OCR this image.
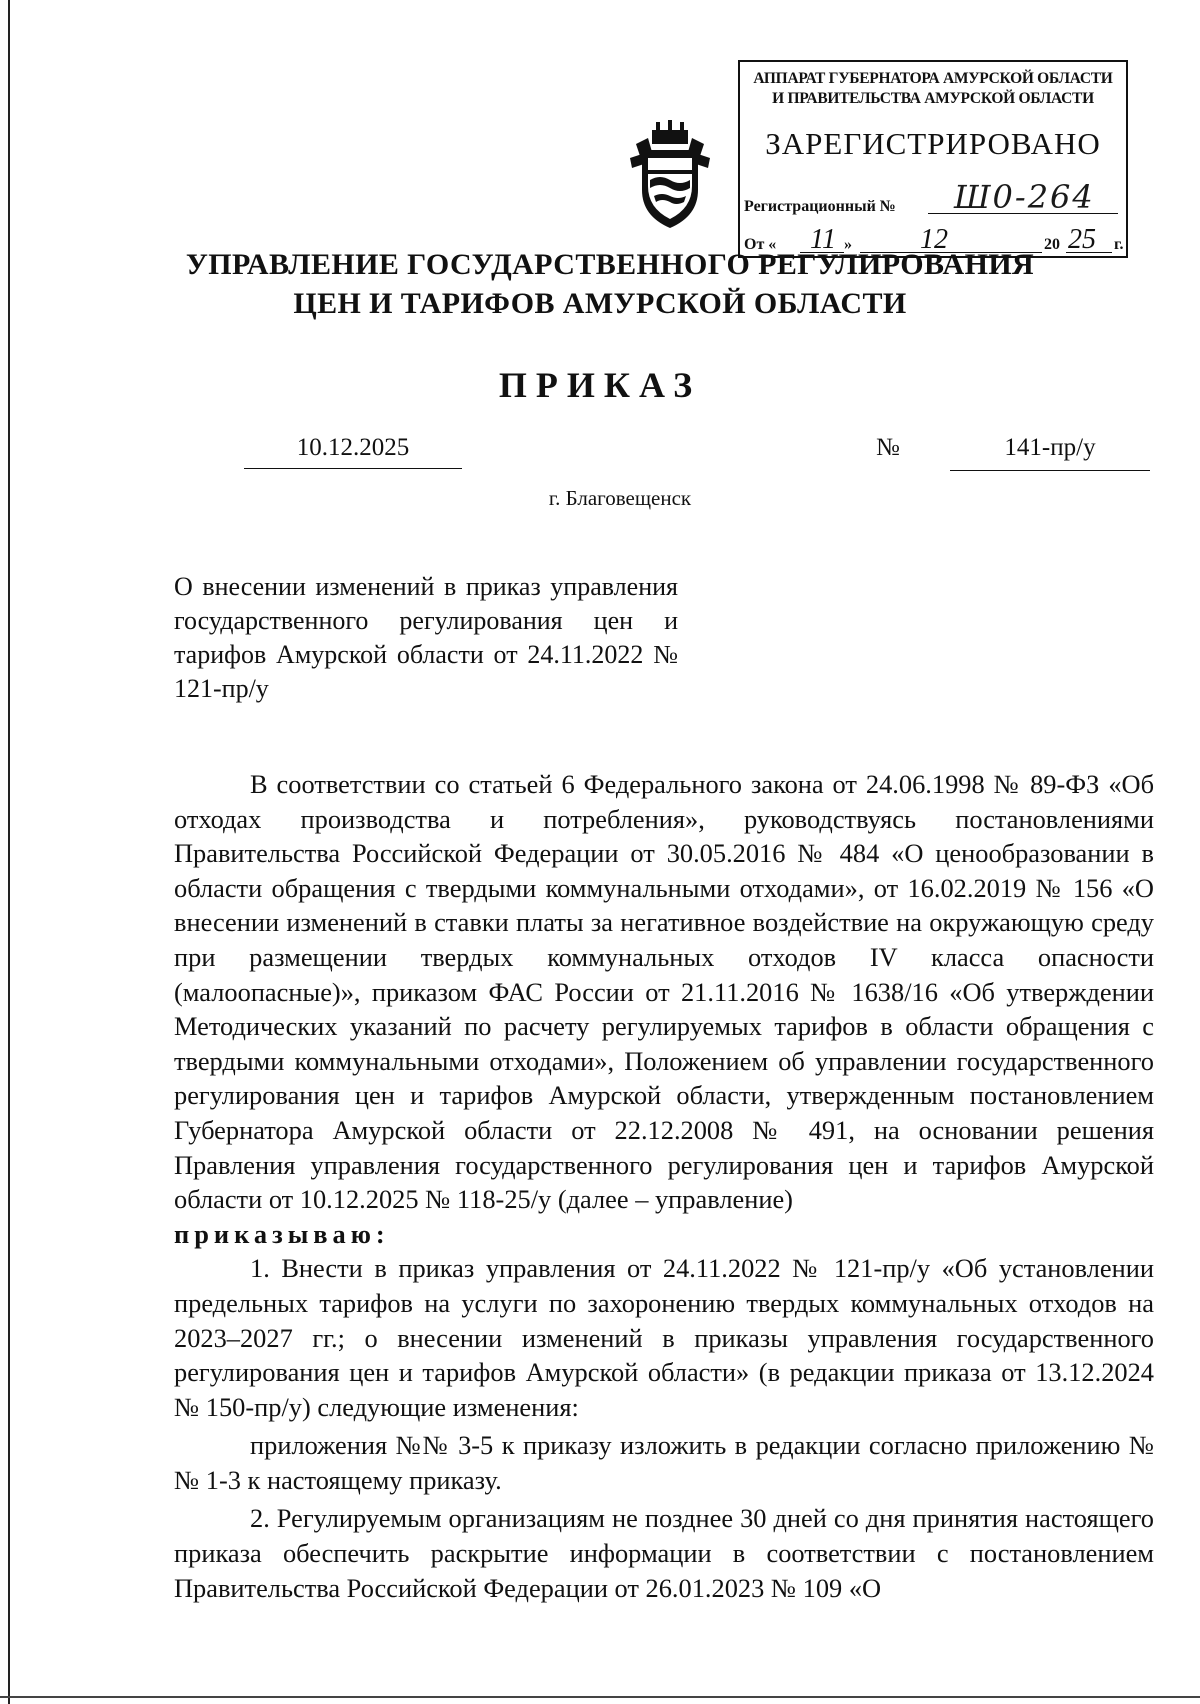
АППАРАТ ГУБЕРНАТОРА АМУРСКОЙ ОБЛАСТИ
И ПРАВИТЕЛЬСТВА АМУРСКОЙ ОБЛАСТИ
ЗАРЕГИСТРИРОВАНО
Регистрационный № Ш0-264
От «	11 »	12	20 25 г.
УПРАВЛЕНИЕ ГОСУДАРСТВЕННОГО РЕГУЛИРОВАНИЯ
ЦЕН И ТАРИФОВ АМУРСКОЙ ОБЛАСТИ
ПРИКАЗ
10.12.2025	№	141-пр/у
г. Благовещенск
О внесении изменений в приказ управления государственного регулирования цен и тарифов Амурской области от 24.11.2022 № 121-пр/у

В соответствии со статьей 6 Федерального закона от 24.06.1998 № 89-ФЗ «Об отходах производства и потребления», руководствуясь постановлениями Правительства Российской Федерации от 30.05.2016 № 484 «О ценообразовании в области обращения с твердыми коммунальными отходами», от 16.02.2019 № 156 «О внесении изменений в ставки платы за негативное воздействие на окружающую среду при размещении твердых коммунальных отходов IV класса опасности (малоопасные)», приказом ФАС России от 21.11.2016 № 1638/16 «Об утверждении Методических указаний по расчету регулируемых тарифов в области обращения с твердыми коммунальными отходами», Положением об управлении государственного регулирования цен и тарифов Амурской области, утвержденным постановлением Губернатора Амурской области от 22.12.2008 № 491, на основании решения Правления управления государственного регулирования цен и тарифов Амурской области от 10.12.2025 № 118-25/у (далее – управление)

приказываю:

1. Внести в приказ управления от 24.11.2022 № 121-пр/у «Об установлении предельных тарифов на услуги по захоронению твердых коммунальных отходов на 2023–2027 гг.; о внесении изменений в приказы управления государственного регулирования цен и тарифов Амурской области» (в редакции приказа от 13.12.2024 № 150-пр/у) следующие изменения:

приложения №№ 3-5 к приказу изложить в редакции согласно приложению №№ 1-3 к настоящему приказу.

2. Регулируемым организациям не позднее 30 дней со дня принятия настоящего приказа обеспечить раскрытие информации в соответствии с постановлением Правительства Российской Федерации от 26.01.2023 № 109 «О
